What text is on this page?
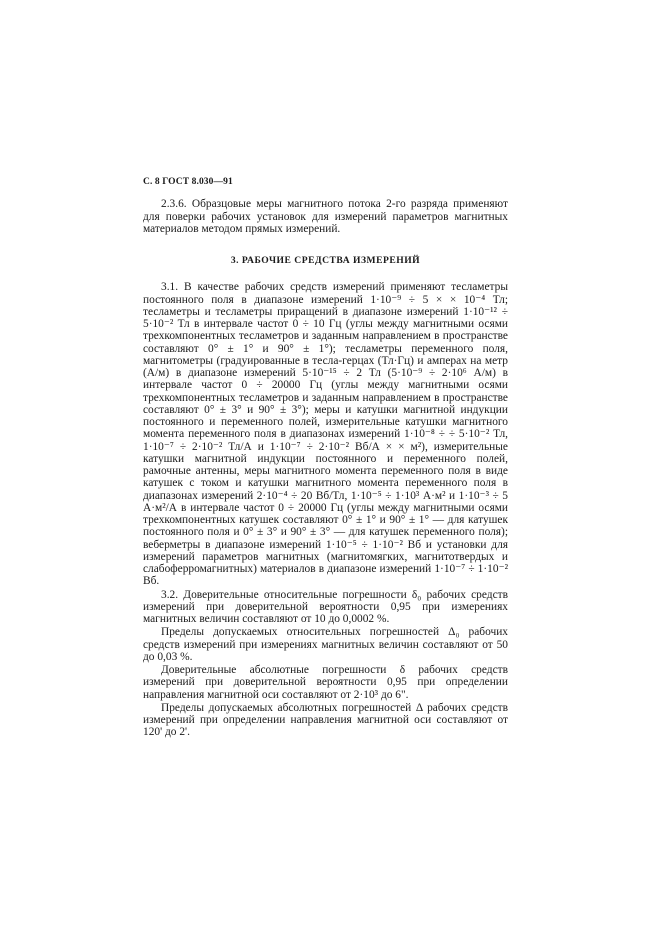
С. 8 ГОСТ 8.030—91

2.3.6. Образцовые меры магнитного потока 2-го разряда применяют для поверки рабочих установок для измерений параметров магнитных материалов методом прямых измерений.

3. РАБОЧИЕ СРЕДСТВА ИЗМЕРЕНИЙ

3.1. В качестве рабочих средств измерений применяют тесламетры постоянного поля в диапазоне измерений 1·10⁻⁹ ÷ 5 × × 10⁻⁴ Тл; тесламетры и тесламетры приращений в диапазоне измерений 1·10⁻¹² ÷ 5·10⁻² Тл в интервале частот 0 ÷ 10 Гц (углы между магнитными осями трехкомпонентных тесламетров и заданным направлением в пространстве составляют 0° ± 1° и 90° ± 1°); тесламетры переменного поля, магнитометры (градуированные в тесла-герцах (Тл·Гц) и амперах на метр (А/м) в диапазоне измерений 5·10⁻¹⁵ ÷ 2 Тл (5·10⁻⁹ ÷ 2·10⁶ А/м) в интервале частот 0 ÷ 20000 Гц (углы между магнитными осями трехкомпонентных тесламетров и заданным направлением в пространстве составляют 0° ± 3° и 90° ± 3°); меры и катушки магнитной индукции постоянного и переменного полей, измерительные катушки магнитного момента переменного поля в диапазонах измерений 1·10⁻⁸ ÷ ÷ 5·10⁻² Тл, 1·10⁻⁷ ÷ 2·10⁻² Тл/А и 1·10⁻⁷ ÷ 2·10⁻² Вб/А × × м²), измерительные катушки магнитной индукции постоянного и переменного полей, рамочные антенны, меры магнитного момента переменного поля в виде катушек с током и катушки магнитного момента переменного поля в диапазонах измерений 2·10⁻⁴ ÷ 20 Вб/Тл, 1·10⁻⁵ ÷ 1·10³ А·м² и 1·10⁻³ ÷ 5 А·м²/А в интервале частот 0 ÷ 20000 Гц (углы между магнитными осями трехкомпонентных катушек составляют 0° ± 1° и 90° ± 1° — для катушек постоянного поля и 0° ± 3° и 90° ± 3° — для катушек переменного поля); веберметры в диапазоне измерений 1·10⁻⁵ ÷ 1·10⁻² Вб и установки для измерений параметров магнитных (магнитомягких, магнитотвердых и слабоферромагнитных) материалов в диапазоне измерений 1·10⁻⁷ ÷ 1·10⁻² Вб.

3.2. Доверительные относительные погрешности δ₀ рабочих средств измерений при доверительной вероятности 0,95 при измерениях магнитных величин составляют от 10 до 0,0002 %.

Пределы допускаемых относительных погрешностей Δ₀ рабочих средств измерений при измерениях магнитных величин составляют от 50 до 0,03 %.

Доверительные абсолютные погрешности δ рабочих средств измерений при доверительной вероятности 0,95 при определении направления магнитной оси составляют от 2·10³ до 6".

Пределы допускаемых абсолютных погрешностей Δ рабочих средств измерений при определении направления магнитной оси составляют от 120' до 2'.
